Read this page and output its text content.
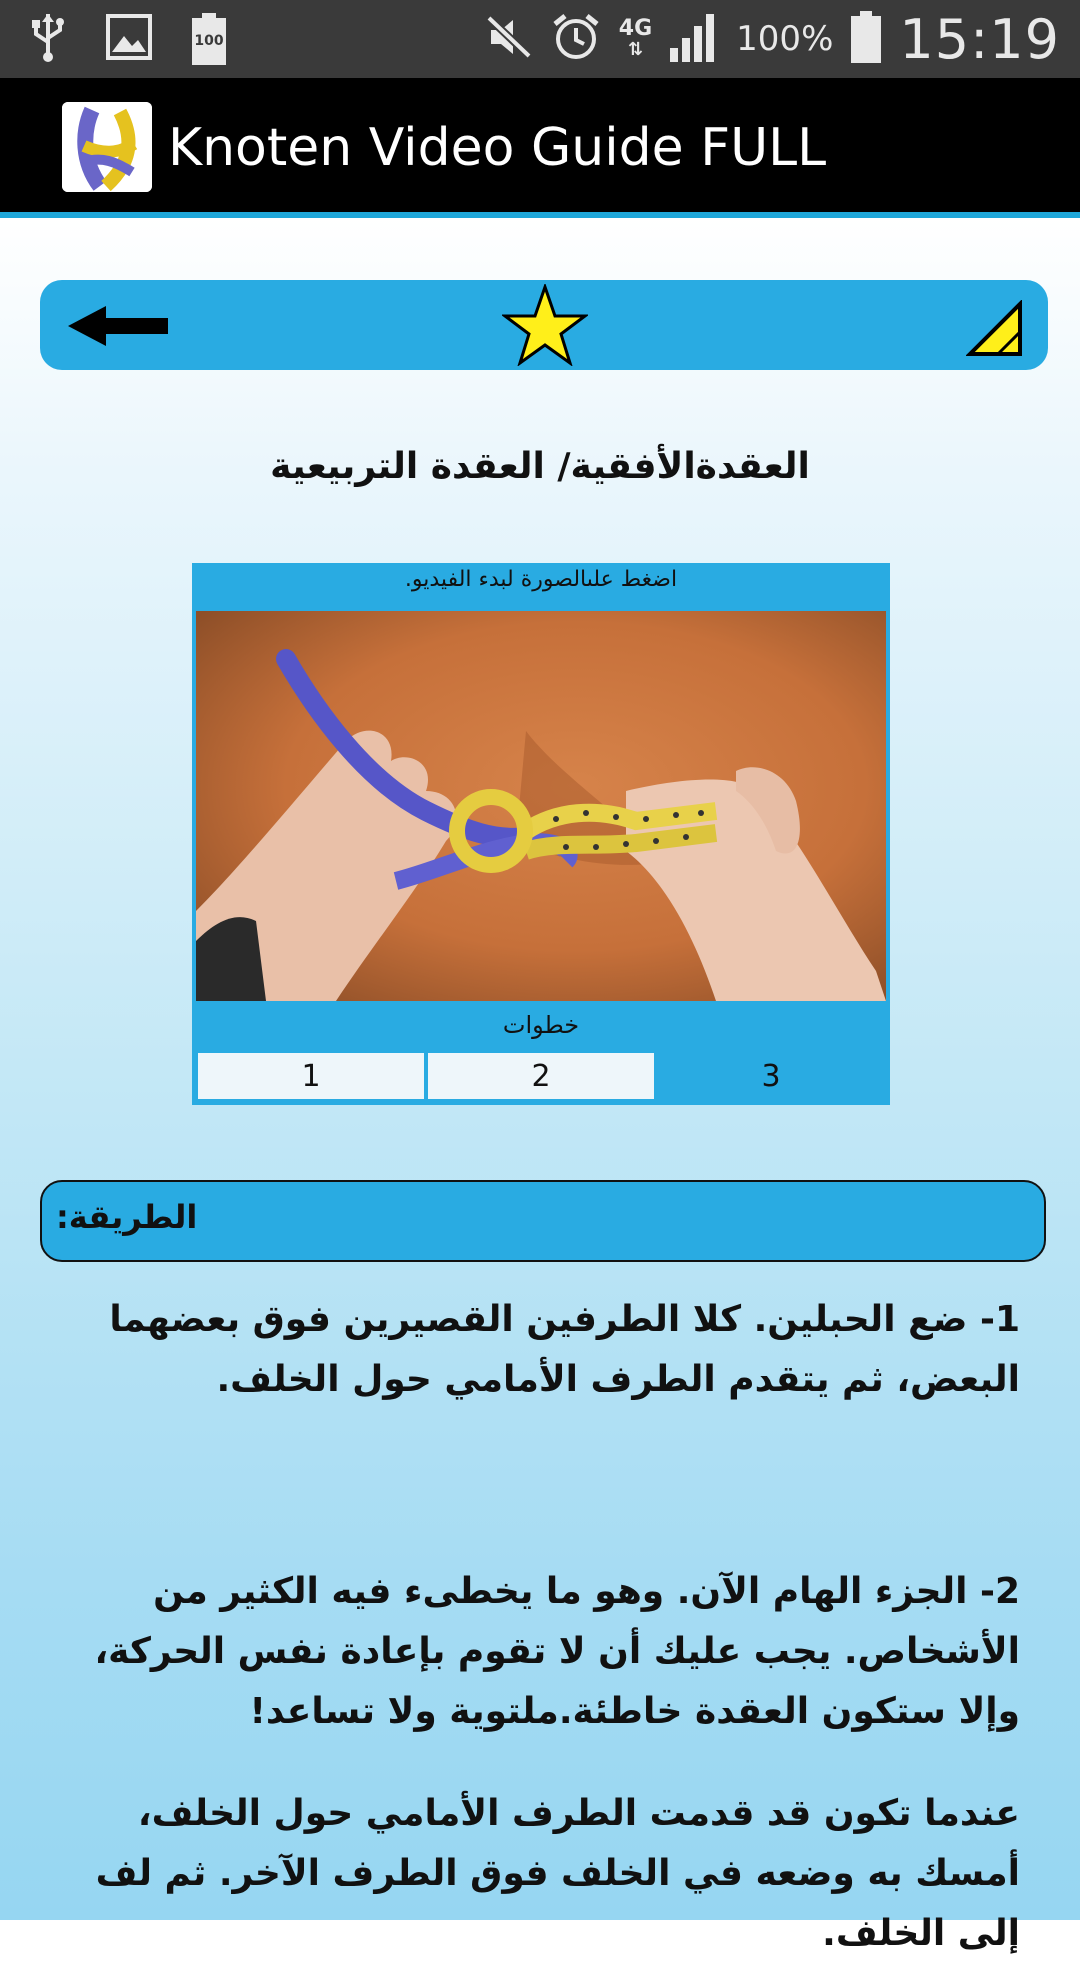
100
4G
⇅	100% 15:19
Knoten Video Guide FULL
العقدةالأفقية/ العقدة التربيعية
اضغط علىالصورة لبدء الفيديو.
خطوات
1	2	3
الطريقة:
1- ضع الحبلين. كلا الطرفين القصيرين فوق بعضهما البعض، ثم يتقدم الطرف الأمامي حول الخلف.
2- الجزء الهام الآن. وهو ما يخطىء فيه الكثير من الأشخاص. يجب عليك أن لا تقوم بإعادة نفس الحركة، وإلا ستكون العقدة خاطئة.ملتوية ولا تساعد!
عندما تكون قد قدمت الطرف الأمامي حول الخلف، أمسك به وضعه في الخلف فوق الطرف الآخر. ثم لف إلى الخلف.
